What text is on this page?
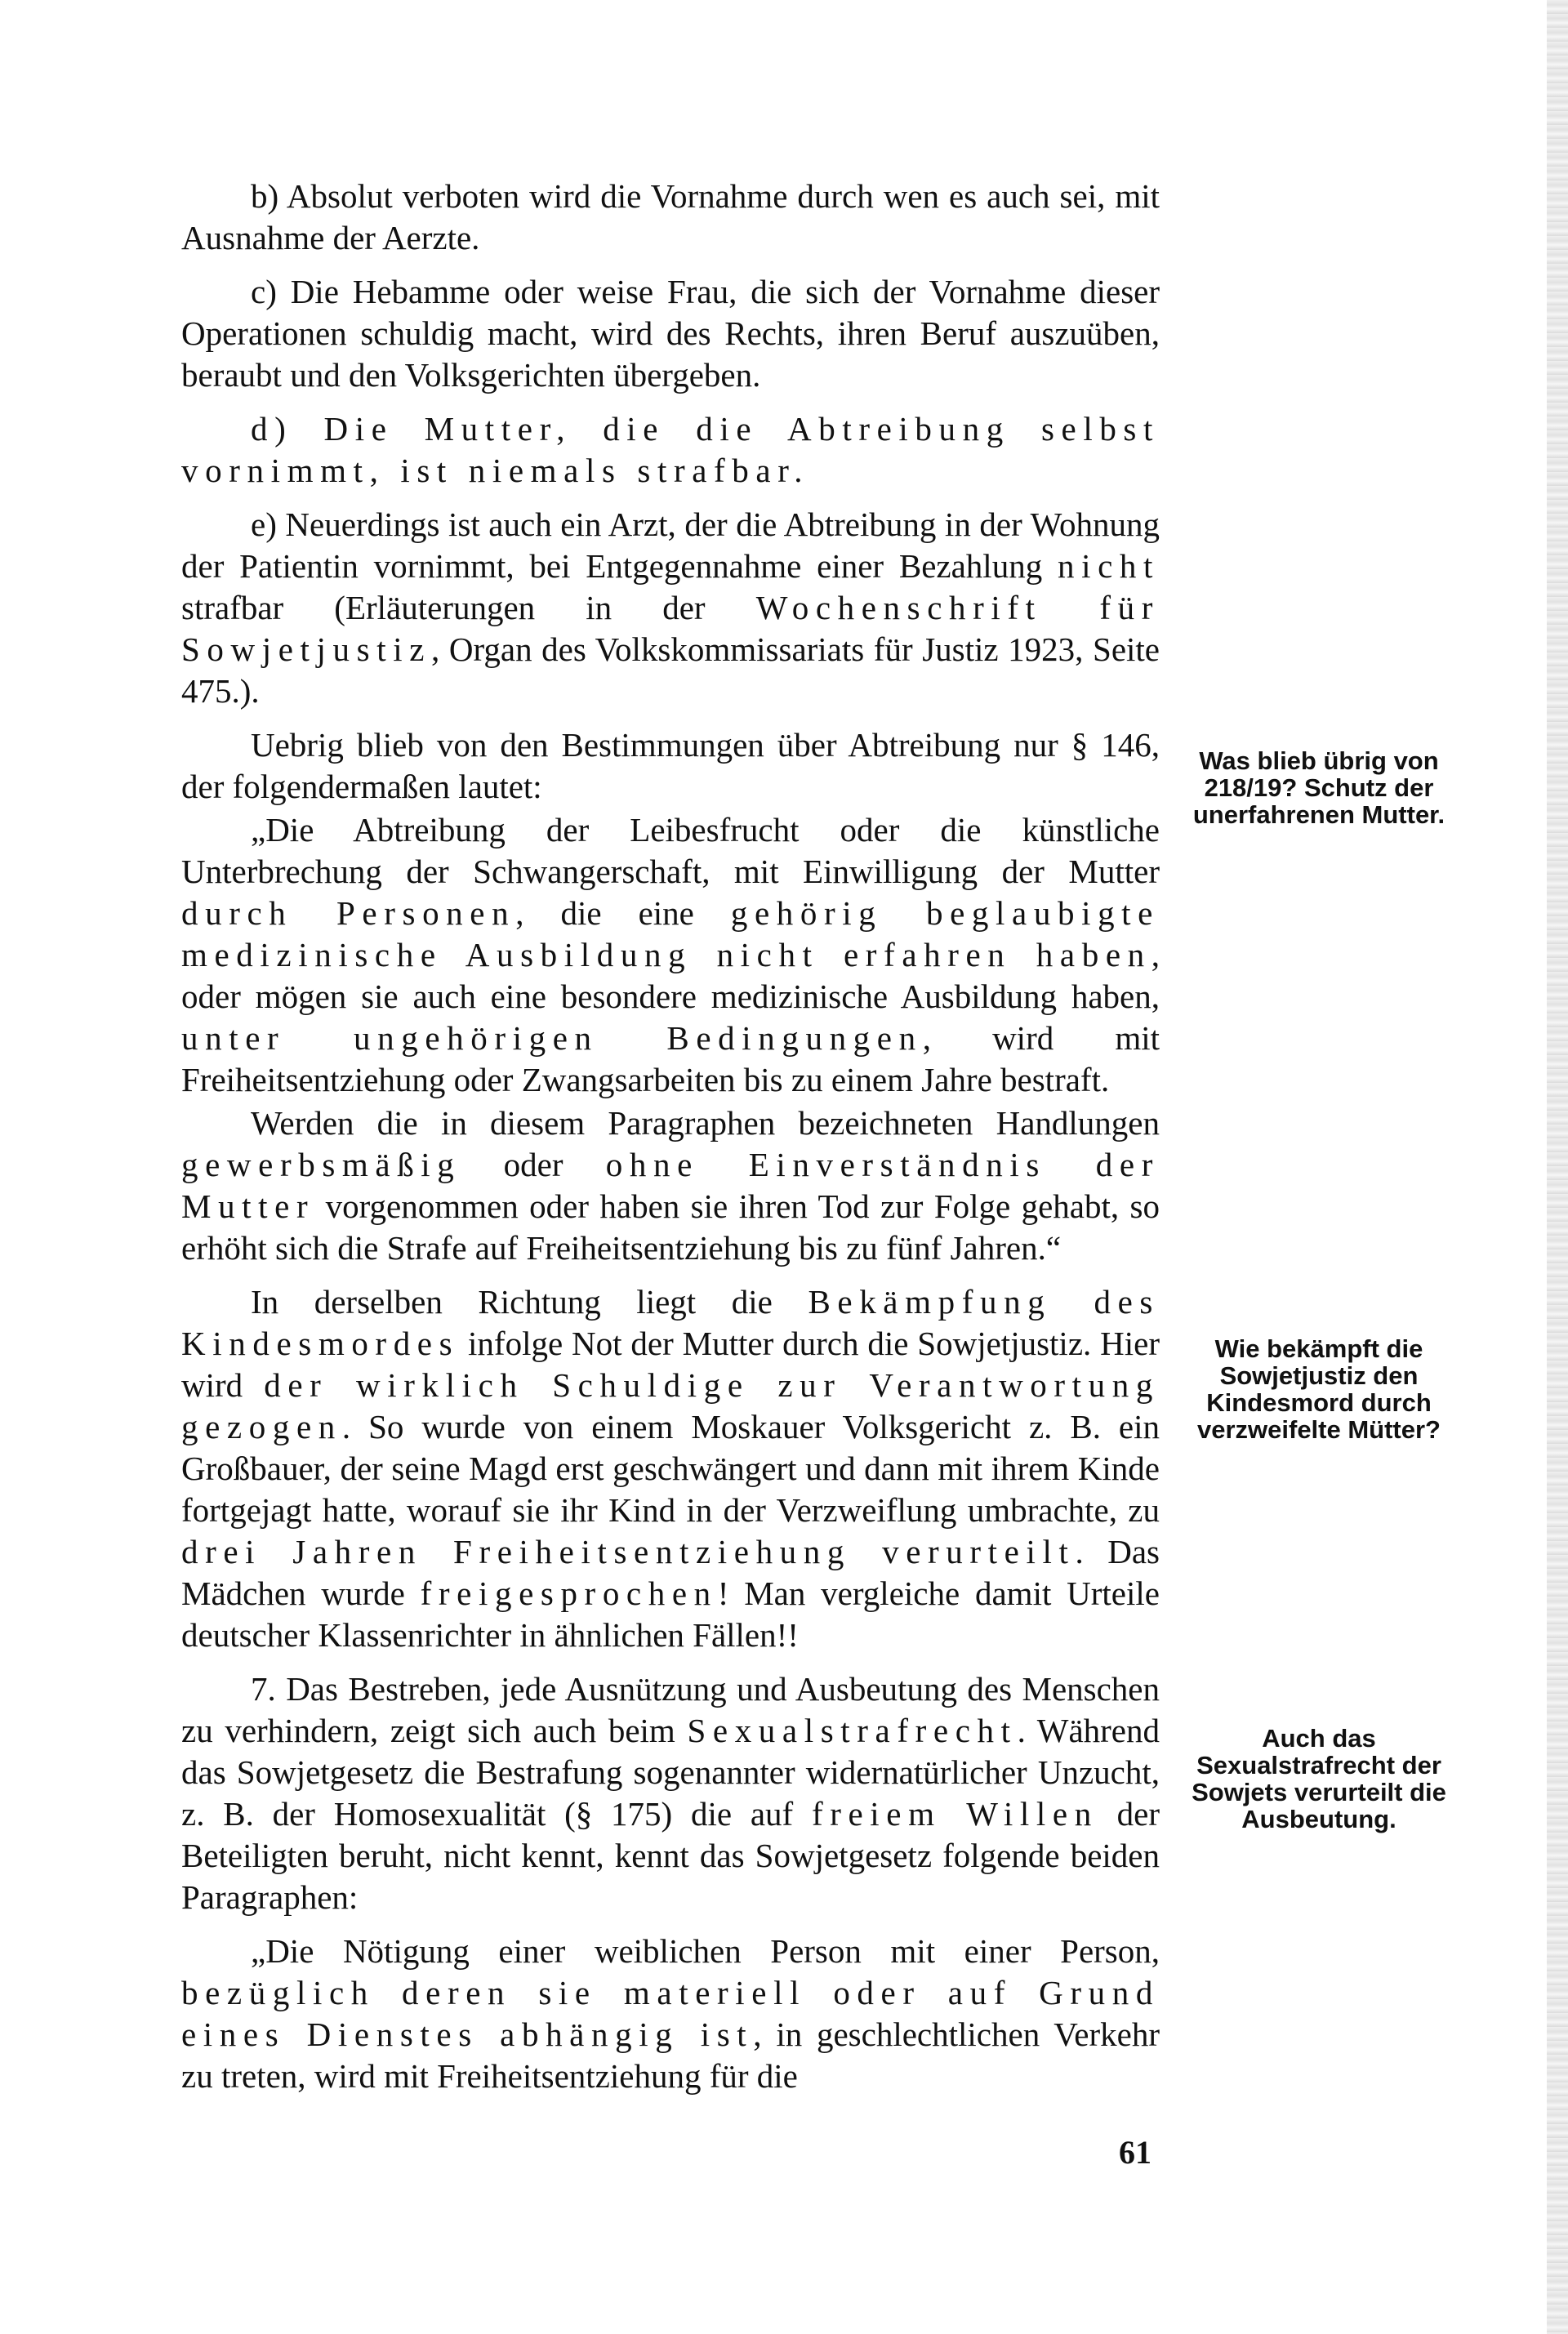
b) Absolut verboten wird die Vornahme durch wen es auch sei, mit Ausnahme der Aerzte.

c) Die Hebamme oder weise Frau, die sich der Vornahme dieser Operationen schuldig macht, wird des Rechts, ihren Beruf auszuüben, beraubt und den Volksgerichten übergeben.

d) Die Mutter, die die Abtreibung selbst vornimmt, ist niemals strafbar.

e) Neuerdings ist auch ein Arzt, der die Abtreibung in der Wohnung der Patientin vornimmt, bei Entgegennahme einer Bezahlung nicht strafbar (Erläuterungen in der Wochenschrift für Sowjetjustiz, Organ des Volkskommissariats für Justiz 1923, Seite 475.).

Uebrig blieb von den Bestimmungen über Abtreibung nur § 146, der folgendermaßen lautet:

„Die Abtreibung der Leibesfrucht oder die künstliche Unterbrechung der Schwangerschaft, mit Einwilligung der Mutter durch Personen, die eine gehörig beglaubigte medizinische Ausbildung nicht erfahren haben, oder mögen sie auch eine besondere medizinische Ausbildung haben, unter ungehörigen Bedingungen, wird mit Freiheitsentziehung oder Zwangsarbeiten bis zu einem Jahre bestraft.

Werden die in diesem Paragraphen bezeichneten Handlungen gewerbsmäßig oder ohne Einverständnis der Mutter vorgenommen oder haben sie ihren Tod zur Folge gehabt, so erhöht sich die Strafe auf Freiheitsentziehung bis zu fünf Jahren.“

In derselben Richtung liegt die Bekämpfung des Kindesmordes infolge Not der Mutter durch die Sowjetjustiz. Hier wird der wirklich Schuldige zur Verantwortung gezogen. So wurde von einem Moskauer Volksgericht z. B. ein Großbauer, der seine Magd erst geschwängert und dann mit ihrem Kinde fortgejagt hatte, worauf sie ihr Kind in der Verzweiflung umbrachte, zu drei Jahren Freiheitsentziehung verurteilt. Das Mädchen wurde freigesprochen! Man vergleiche damit Urteile deutscher Klassenrichter in ähnlichen Fällen!!

7. Das Bestreben, jede Ausnützung und Ausbeutung des Menschen zu verhindern, zeigt sich auch beim Sexualstrafrecht. Während das Sowjetgesetz die Bestrafung sogenannter widernatürlicher Unzucht, z. B. der Homosexualität (§ 175) die auf freiem Willen der Beteiligten beruht, nicht kennt, kennt das Sowjetgesetz folgende beiden Paragraphen:

„Die Nötigung einer weiblichen Person mit einer Person, bezüglich deren sie materiell oder auf Grund eines Dienstes abhängig ist, in geschlechtlichen Verkehr zu treten, wird mit Freiheitsentziehung für die

Was blieb übrig von 218/19? Schutz der unerfahrenen Mutter.

Wie bekämpft die Sowjetjustiz den Kindesmord durch verzweifelte Mütter?

Auch das Sexualstrafrecht der Sowjets verurteilt die Ausbeutung.

61
